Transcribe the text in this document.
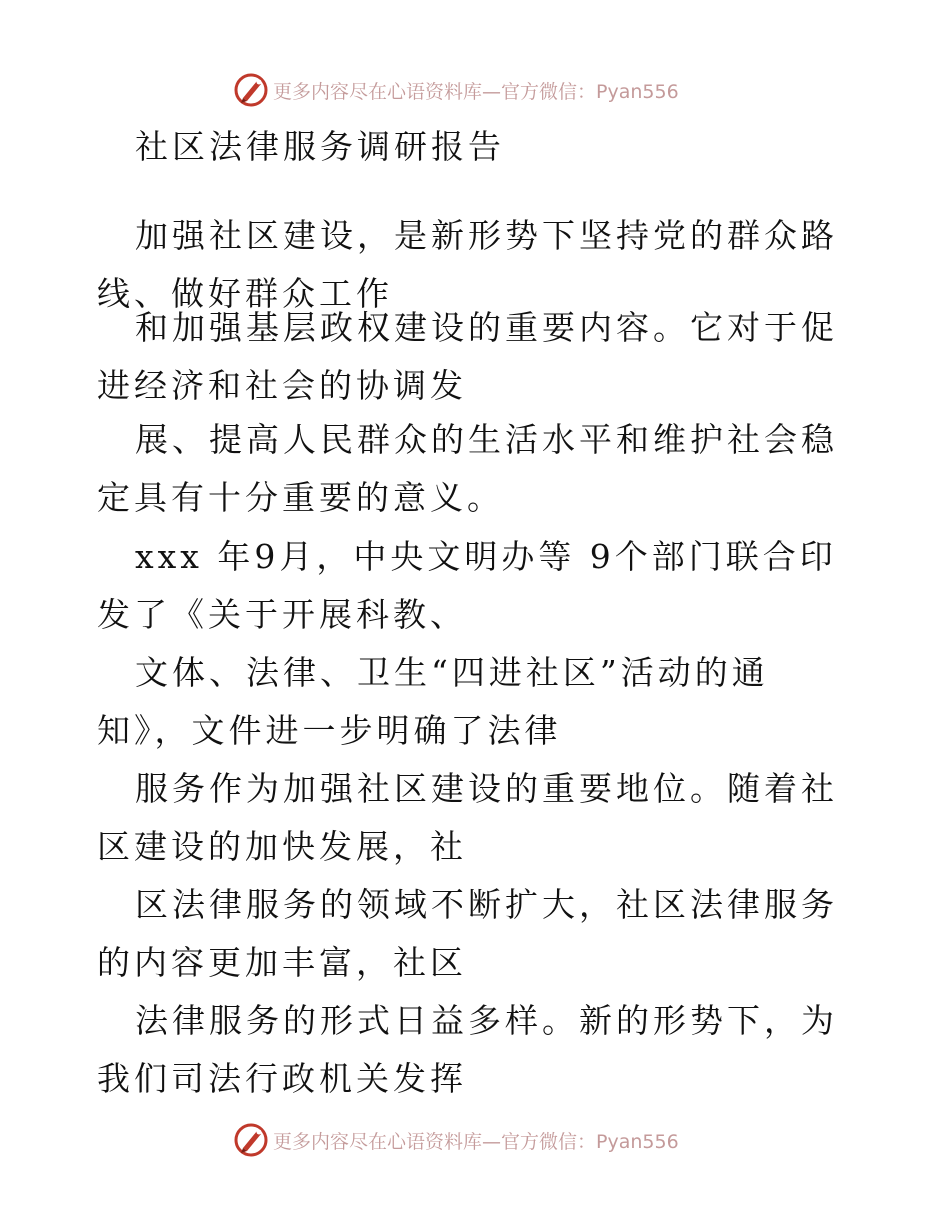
更多内容尽在心语资料库—官方微信：Pyan556

社区法律服务调研报告

加强社区建设，是新形势下坚持党的群众路线、做好群众工作

和加强基层政权建设的重要内容。它对于促进经济和社会的协调发

展、提高人民群众的生活水平和维护社会稳定具有十分重要的意义。

xxx 年9月，中央文明办等 9个部门联合印发了《关于开展科教、

文体、法律、卫生“四进社区”活动的通知》，文件进一步明确了法律

服务作为加强社区建设的重要地位。随着社区建设的加快发展，社

区法律服务的领域不断扩大，社区法律服务的内容更加丰富，社区

法律服务的形式日益多样。新的形势下，为我们司法行政机关发挥

更多内容尽在心语资料库—官方微信：Pyan556
